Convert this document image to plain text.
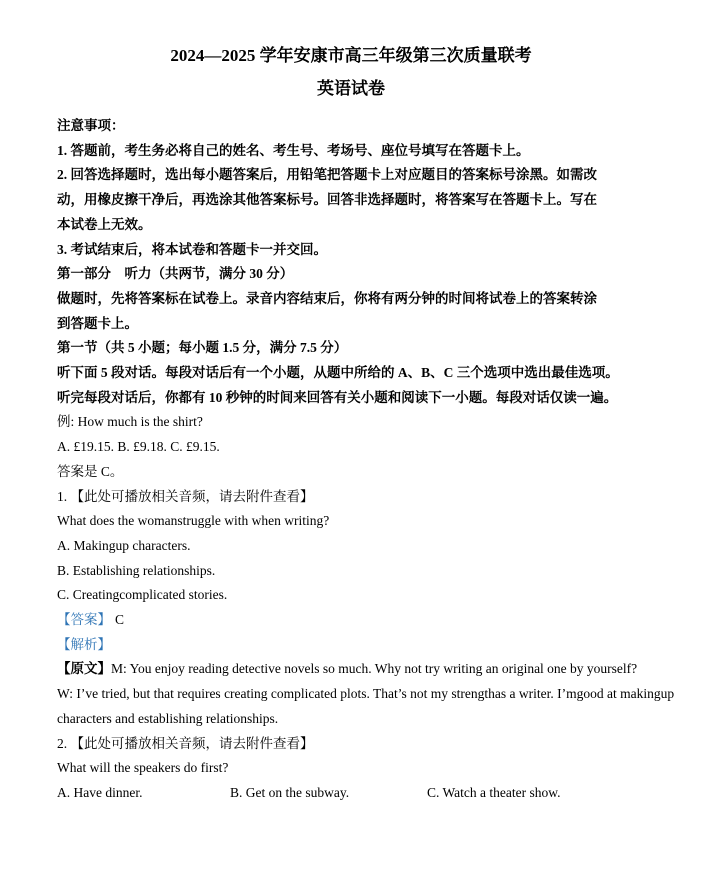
2024—2025 学年安康市高三年级第三次质量联考
英语试卷
注意事项：
1. 答题前，考生务必将自己的姓名、考生号、考场号、座位号填写在答题卡上。
2. 回答选择题时，选出每小题答案后，用铅笔把答题卡上对应题目的答案标号涂黑。如需改
动，用橡皮擦干净后，再选涂其他答案标号。回答非选择题时，将答案写在答题卡上。写在
本试卷上无效。
3. 考试结束后，将本试卷和答题卡一并交回。
第一部分　听力（共两节，满分 30 分）
做题时，先将答案标在试卷上。录音内容结束后，你将有两分钟的时间将试卷上的答案转涂
到答题卡上。
第一节（共 5 小题；每小题 1.5 分，满分 7.5 分）
听下面 5 段对话。每段对话后有一个小题，从题中所给的 A、B、C 三个选项中选出最佳选项。
听完每段对话后，你都有 10 秒钟的时间来回答有关小题和阅读下一小题。每段对话仅读一遍。
例: How much is the shirt?
A. £19.15. B. £9.18. C. £9.15.
答案是 C。
1. 【此处可播放相关音频，请去附件查看】
What does the womanstruggle with when writing?
A. Makingup characters.
B. Establishing relationships.
C. Creatingcomplicated stories.
【答案】 C
【解析】
【原文】M: You enjoy reading detective novels so much. Why not try writing an original one by yourself?
W: I’ve tried, but that requires creating complicated plots. That’s not my strengthas a writer. I’mgood at makingup
characters and establishing relationships.
2. 【此处可播放相关音频，请去附件查看】
What will the speakers do first?
A. Have dinner.	B. Get on the subway.	C. Watch a theater show.
